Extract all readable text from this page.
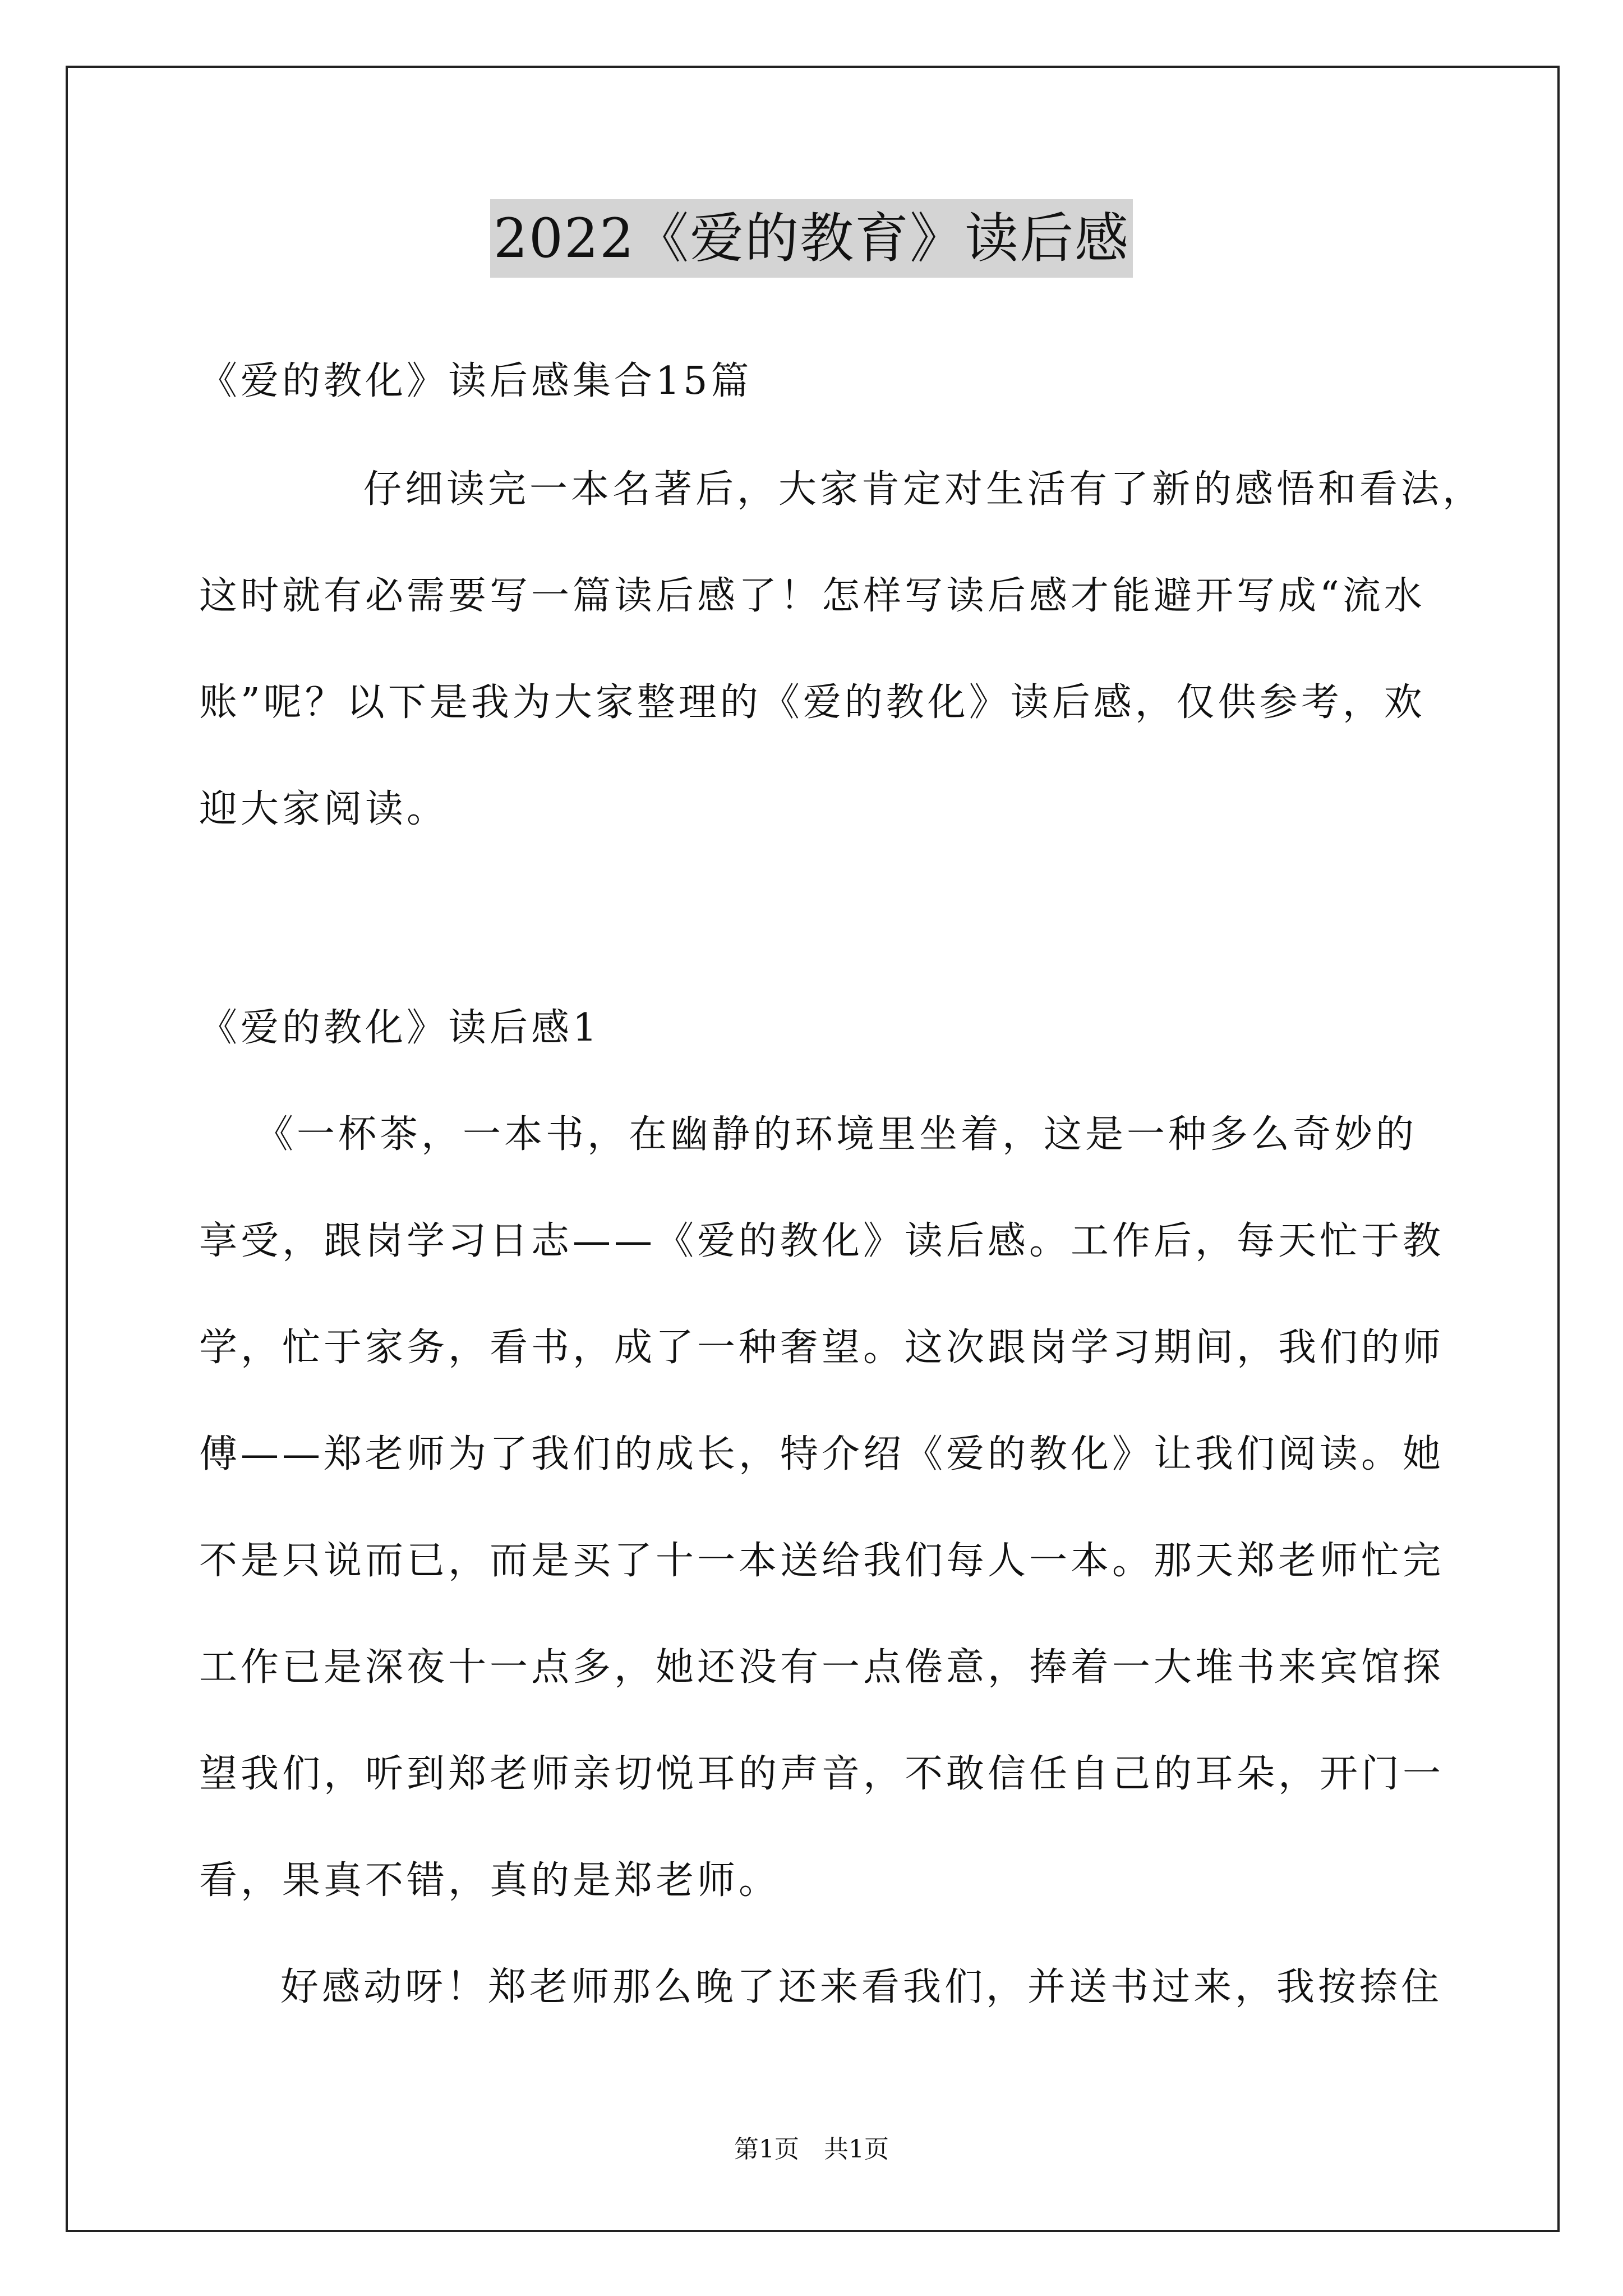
2022《爱的教育》读后感
《爱的教化》读后感集合15篇
仔细读完一本名著后，大家肯定对生活有了新的感悟和看法，
这时就有必需要写一篇读后感了！怎样写读后感才能避开写成“流水
账”呢？以下是我为大家整理的《爱的教化》读后感，仅供参考，欢
迎大家阅读。
《爱的教化》读后感1
《一杯茶，一本书，在幽静的环境里坐着，这是一种多么奇妙的
享受，跟岗学习日志——《爱的教化》读后感。工作后，每天忙于教
学，忙于家务，看书，成了一种奢望。这次跟岗学习期间，我们的师
傅——郑老师为了我们的成长，特介绍《爱的教化》让我们阅读。她
不是只说而已，而是买了十一本送给我们每人一本。那天郑老师忙完
工作已是深夜十一点多，她还没有一点倦意，捧着一大堆书来宾馆探
望我们，听到郑老师亲切悦耳的声音，不敢信任自己的耳朵，开门一
看，果真不错，真的是郑老师。
好感动呀！郑老师那么晚了还来看我们，并送书过来，我按捺住
第1页　共1页
